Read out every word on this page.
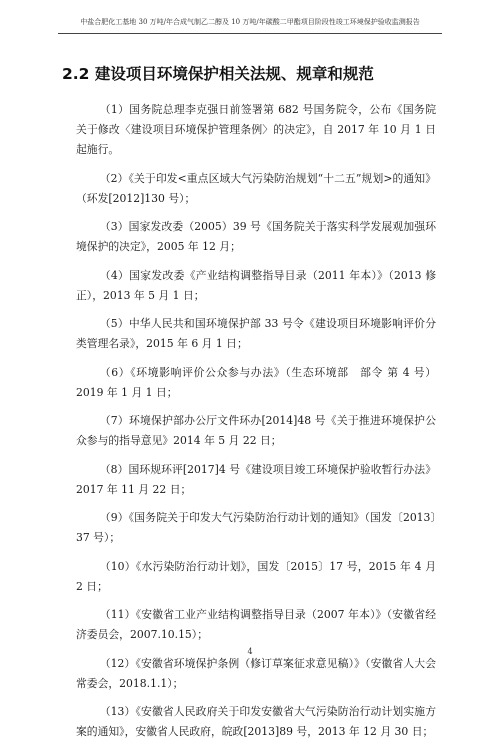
中盐合肥化工基地 30 万吨/年合成气制乙二醇及 10 万吨/年碳酸二甲酯项目阶段性竣工环境保护验收监测报告
2.2 建设项目环境保护相关法规、规章和规范

（1）国务院总理李克强日前签署第 682 号国务院令，公布《国务院关于修改〈建设项目环境保护管理条例〉的决定》，自 2017 年 10 月 1 日起施行。

（2）《关于印发<重点区域大气污染防治规划“十二五”规划>的通知》（环发[2012]130 号）；

（3）国家发改委（2005）39 号《国务院关于落实科学发展观加强环境保护的决定》，2005 年 12 月；

（4）国家发改委《产业结构调整指导目录（2011 年本）》（2013 修正），2013 年 5 月 1 日；

（5）中华人民共和国环境保护部 33 号令《建设项目环境影响评价分类管理名录》，2015 年 6 月 1 日；

（6）《环境影响评价公众参与办法》（生态环境部　部令 第 4 号）2019 年 1 月 1 日；

（7）环境保护部办公厅文件环办[2014]48 号《关于推进环境保护公众参与的指导意见》2014 年 5 月 22 日；

（8）国环规环评[2017]4 号《建设项目竣工环境保护验收暂行办法》2017 年 11 月 22 日；

（9）《国务院关于印发大气污染防治行动计划的通知》（国发〔2013〕37 号）；

（10）《水污染防治行动计划》，国发〔2015〕17 号，2015 年 4 月 2 日；

（11）《安徽省工业产业结构调整指导目录（2007 年本）》（安徽省经济委员会，2007.10.15）；

（12）《安徽省环境保护条例（修订草案征求意见稿）》（安徽省人大会常委会，2018.1.1）；

（13）《安徽省人民政府关于印发安徽省大气污染防治行动计划实施方案的通知》，安徽省人民政府，皖政[2013]89 号，2013 年 12 月 30 日；

4
